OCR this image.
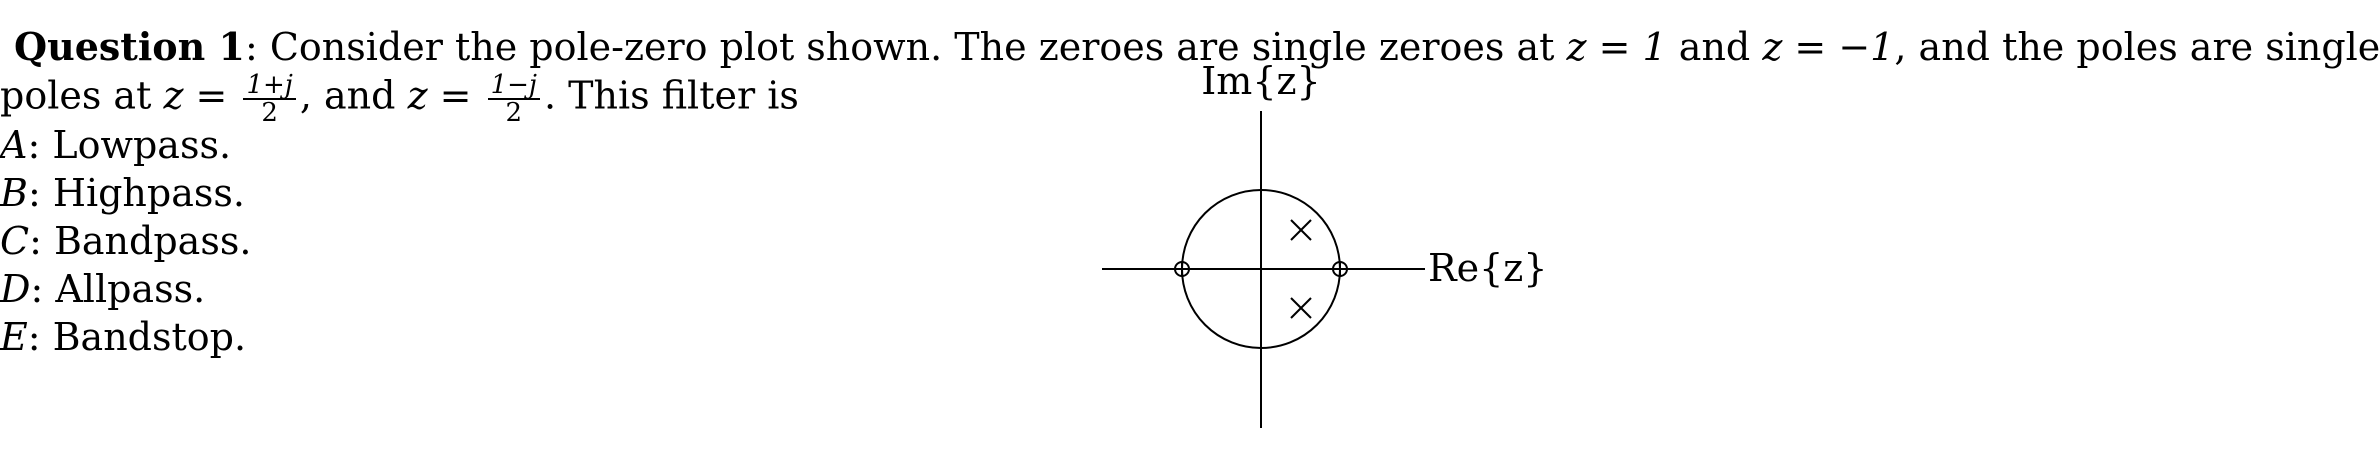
Question 1: Consider the pole-zero plot shown. The zeroes are single zeroes at z = 1 and z = −1, and the poles are single
poles at $z = \frac{1+j}{2}$ , and $z = \frac{1-j}{2}$ . This filter is
A: Lowpass.
B: Highpass.
C: Bandpass.
D: Allpass.
E: Bandstop.
Im{z}
Re{z}
